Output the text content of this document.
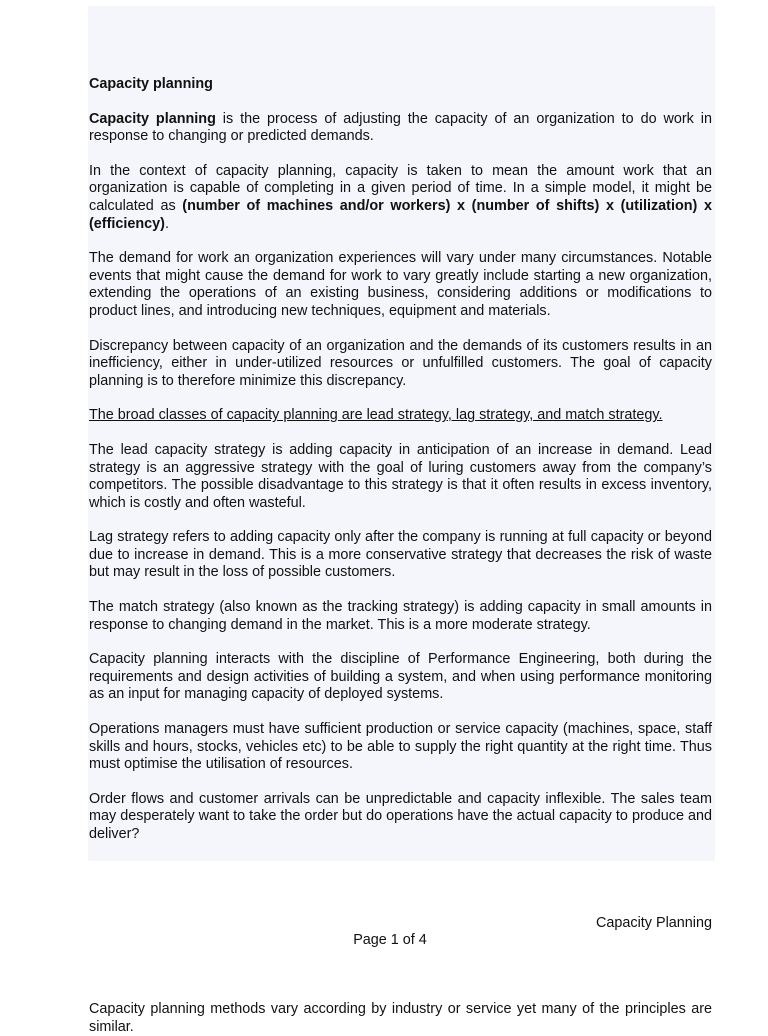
Capacity planning

Capacity planning is the process of adjusting the capacity of an organization to do work in response to changing or predicted demands.

In the context of capacity planning, capacity is taken to mean the amount work that an organization is capable of completing in a given period of time. In a simple model, it might be calculated as (number of machines and/or workers) x (number of shifts) x (utilization) x (efficiency).

The demand for work an organization experiences will vary under many circumstances. Notable events that might cause the demand for work to vary greatly include starting a new organization, extending the operations of an existing business, considering additions or modifications to product lines, and introducing new techniques, equipment and materials.

Discrepancy between capacity of an organization and the demands of its customers results in an inefficiency, either in under-utilized resources or unfulfilled customers. The goal of capacity planning is to therefore minimize this discrepancy.

The broad classes of capacity planning are lead strategy, lag strategy, and match strategy.

The lead capacity strategy is adding capacity in anticipation of an increase in demand. Lead strategy is an aggressive strategy with the goal of luring customers away from the company’s competitors. The possible disadvantage to this strategy is that it often results in excess inventory, which is costly and often wasteful.

Lag strategy refers to adding capacity only after the company is running at full capacity or beyond due to increase in demand. This is a more conservative strategy that decreases the risk of waste but may result in the loss of possible customers.

The match strategy (also known as the tracking strategy) is adding capacity in small amounts in response to changing demand in the market. This is a more moderate strategy.

Capacity planning interacts with the discipline of Performance Engineering, both during the requirements and design activities of building a system, and when using performance monitoring as an input for managing capacity of deployed systems.

Operations managers must have sufficient production or service capacity (machines, space, staff skills and hours, stocks, vehicles etc) to be able to supply the right quantity at the right time. Thus must optimise the utilisation of resources.

Order flows and customer arrivals can be unpredictable and capacity inflexible. The sales team may desperately want to take the order but do operations have the actual capacity to produce and deliver?

Capacity Planning
Page 1 of 4
Capacity planning methods vary according by industry or service yet many of the principles are similar.
